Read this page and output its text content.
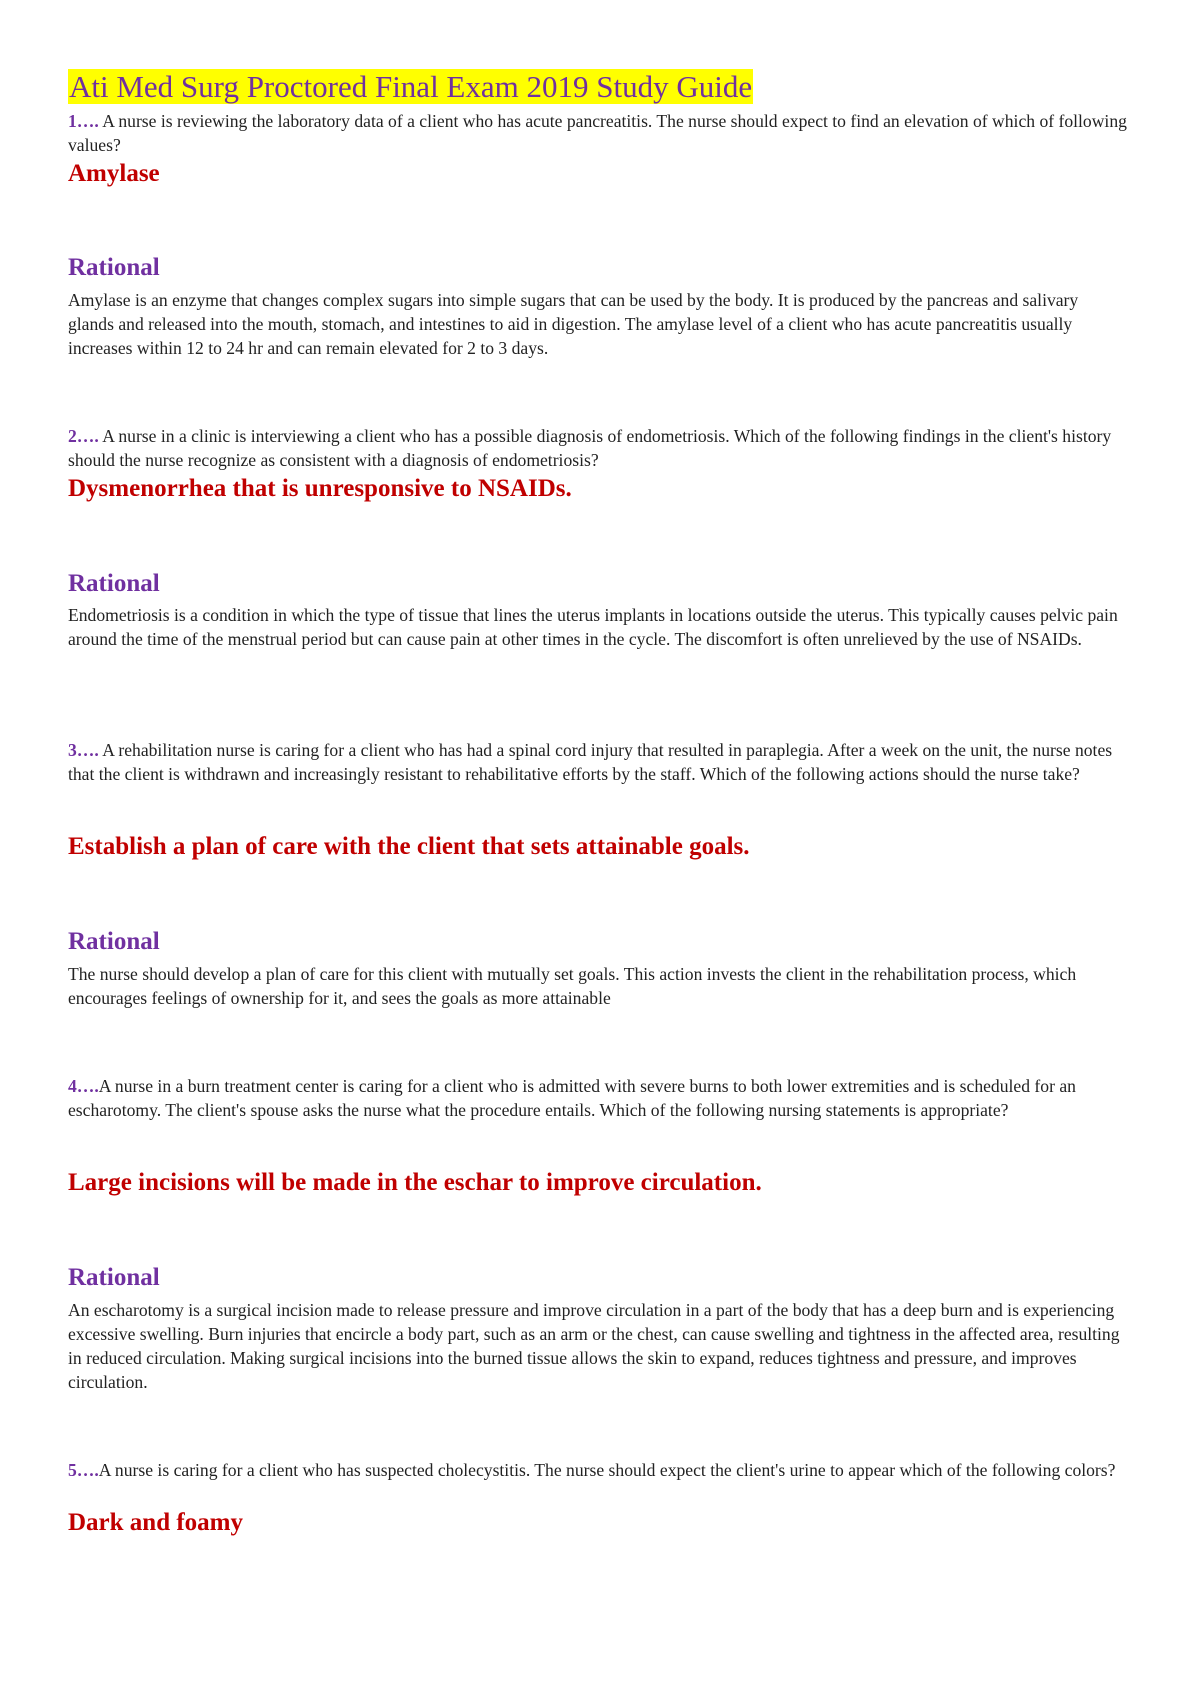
Ati Med Surg Proctored Final Exam 2019 Study Guide

1…. A nurse is reviewing the laboratory data of a client who has acute pancreatitis. The nurse should expect to find an elevation of which of following values?

Amylase

Rational

Amylase is an enzyme that changes complex sugars into simple sugars that can be used by the body. It is produced by the pancreas and salivary glands and released into the mouth, stomach, and intestines to aid in digestion. The amylase level of a client who has acute pancreatitis usually increases within 12 to 24 hr and can remain elevated for 2 to 3 days.

2…. A nurse in a clinic is interviewing a client who has a possible diagnosis of endometriosis. Which of the following findings in the client's history should the nurse recognize as consistent with a diagnosis of endometriosis?

Dysmenorrhea that is unresponsive to NSAIDs.

Rational

Endometriosis is a condition in which the type of tissue that lines the uterus implants in locations outside the uterus. This typically causes pelvic pain around the time of the menstrual period but can cause pain at other times in the cycle. The discomfort is often unrelieved by the use of NSAIDs.

3…. A rehabilitation nurse is caring for a client who has had a spinal cord injury that resulted in paraplegia. After a week on the unit, the nurse notes that the client is withdrawn and increasingly resistant to rehabilitative efforts by the staff. Which of the following actions should the nurse take?

Establish a plan of care with the client that sets attainable goals.

Rational

The nurse should develop a plan of care for this client with mutually set goals. This action invests the client in the rehabilitation process, which encourages feelings of ownership for it, and sees the goals as more attainable

4….A nurse in a burn treatment center is caring for a client who is admitted with severe burns to both lower extremities and is scheduled for an escharotomy. The client's spouse asks the nurse what the procedure entails. Which of the following nursing statements is appropriate?

Large incisions will be made in the eschar to improve circulation.

Rational

An escharotomy is a surgical incision made to release pressure and improve circulation in a part of the body that has a deep burn and is experiencing excessive swelling. Burn injuries that encircle a body part, such as an arm or the chest, can cause swelling and tightness in the affected area, resulting in reduced circulation. Making surgical incisions into the burned tissue allows the skin to expand, reduces tightness and pressure, and improves circulation.

5….A nurse is caring for a client who has suspected cholecystitis. The nurse should expect the client's urine to appear which of the following colors?

Dark and foamy
